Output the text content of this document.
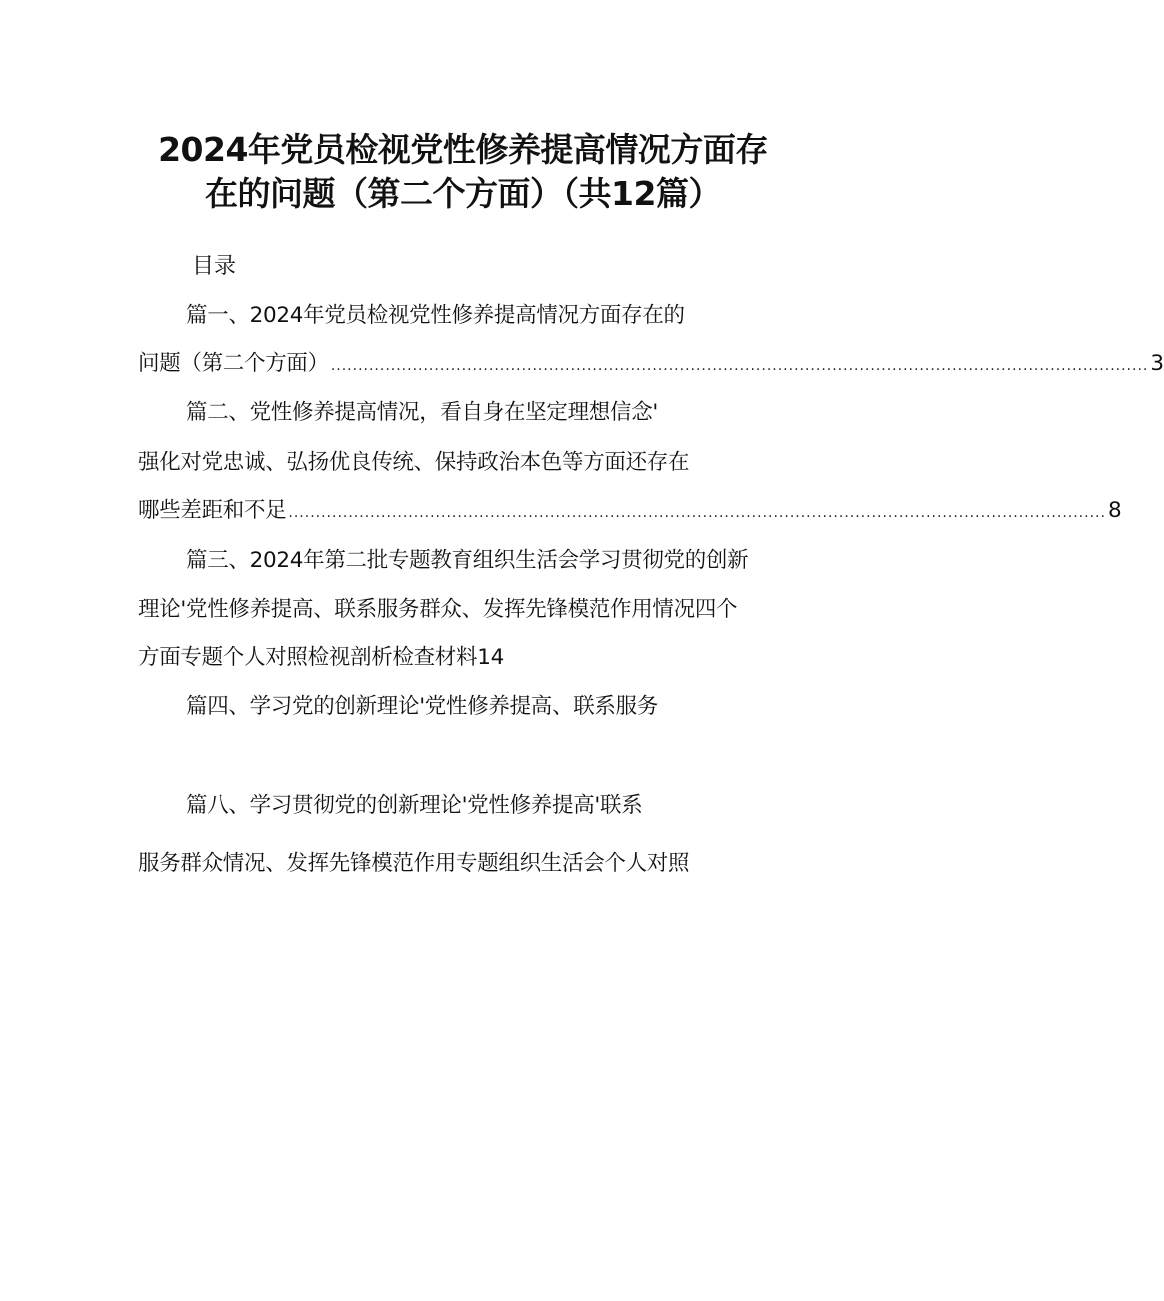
2024年党员检视党性修养提高情况方面存
在的问题（第二个方面）（共12篇）
目录
篇一、2024年党员检视党性修养提高情况方面存在的
问题（第二个方面） ...................................................................................................................................................... 3
篇二、党性修养提高情况，看自身在坚定理想信念'
强化对党忠诚、弘扬优良传统、保持政治本色等方面还存在
哪些差距和不足 ...................................................................................................................................................... 8
篇三、2024年第二批专题教育组织生活会学习贯彻党的创新
理论'党性修养提高、联系服务群众、发挥先锋模范作用情况四个
方面专题个人对照检视剖析检查材料14
篇四、学习党的创新理论'党性修养提高、联系服务
篇八、学习贯彻党的创新理论'党性修养提高'联系
服务群众情况、发挥先锋模范作用专题组织生活会个人对照
